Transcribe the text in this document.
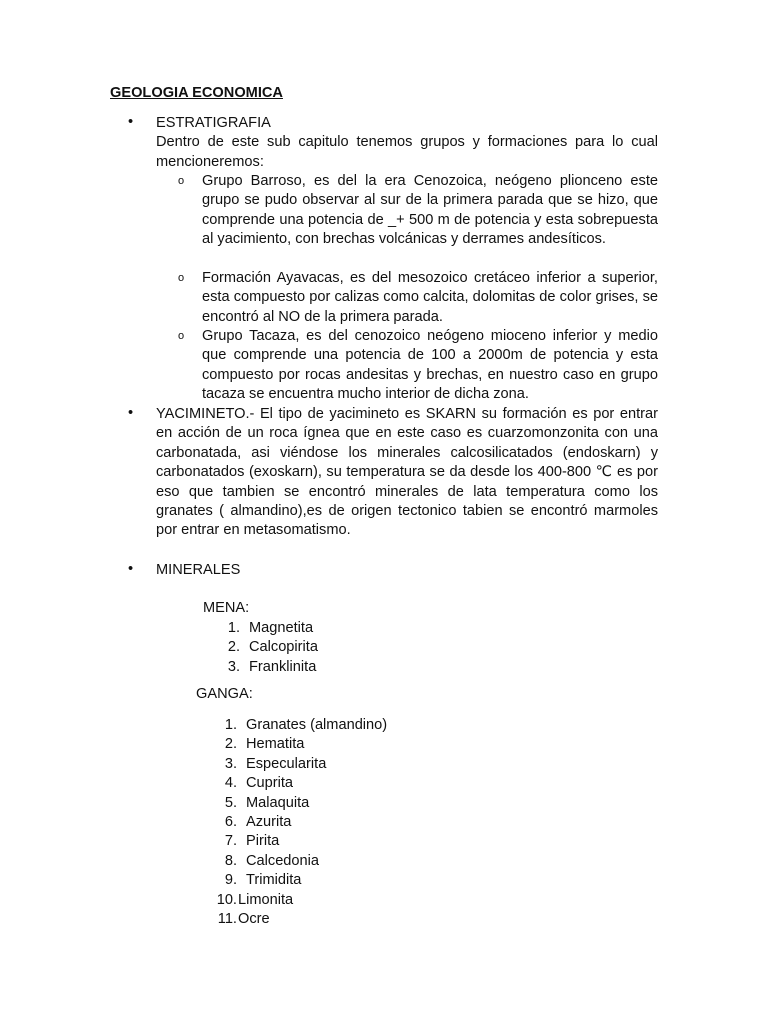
GEOLOGIA ECONOMICA
•	ESTRATIGRAFIA
Dentro de este sub capitulo tenemos grupos y formaciones para lo cual mencioneremos:
o Grupo Barroso, es del la era Cenozoica, neógeno plionceno este grupo se pudo observar al sur de la primera parada que se hizo, que comprende una potencia de _+ 500 m de potencia y esta sobrepuesta al yacimiento, con brechas volcánicas y derrames andesíticos.
o Formación Ayavacas, es del mesozoico cretáceo inferior a superior, esta compuesto por calizas como calcita, dolomitas de color grises, se encontró al NO de la primera parada.
o Grupo Tacaza, es del cenozoico neógeno mioceno inferior y medio que comprende una potencia de 100 a 2000m de potencia y esta compuesto por rocas andesitas y brechas, en nuestro caso en grupo tacaza se encuentra mucho interior de dicha zona.
•	YACIMINETO.- El tipo de yacimineto es SKARN su formación es por entrar en acción de un roca ígnea que en este caso es cuarzomonzonita con una carbonatada, asi viéndose los minerales calcosilicatados (endoskarn) y carbonatados (exoskarn), su temperatura se da desde los 400-800 ℃ es por eso que tambien se encontró minerales de lata temperatura como los granates ( almandino),es de origen tectonico tabien se encontró marmoles por entrar en metasomatismo.
•	MINERALES
MENA:
1. Magnetita
2. Calcopirita
3. Franklinita
GANGA:
1. Granates (almandino)
2. Hematita
3. Especularita
4. Cuprita
5. Malaquita
6. Azurita
7. Pirita
8. Calcedonia
9. Trimidita
10.Limonita
11.Ocre
